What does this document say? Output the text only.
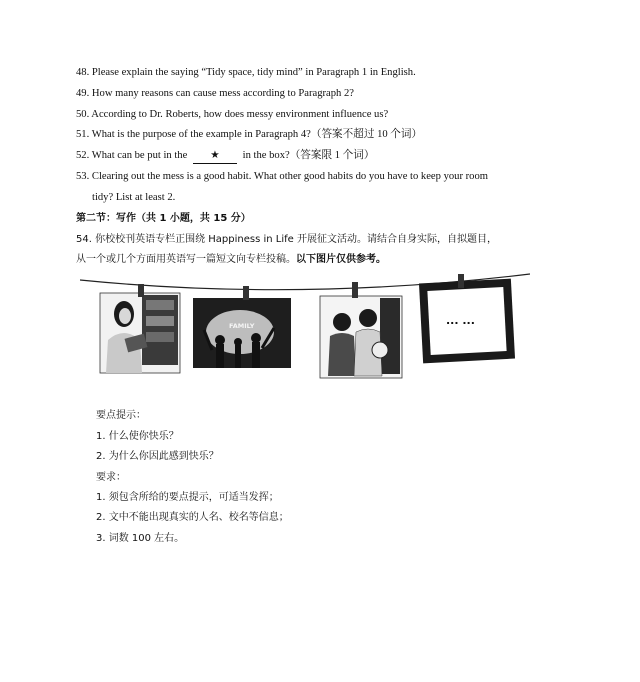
48. Please explain the saying “Tidy space, tidy mind” in Paragraph 1 in English.
49. How many reasons can cause mess according to Paragraph 2?
50. According to Dr. Roberts, how does messy environment influence us?
51. What is the purpose of the example in Paragraph 4?（答案不超过 10 个词）
52. What can be put in the ★ in the box?（答案限 1 个词）
53. Clearing out the mess is a good habit. What other good habits do you have to keep your room
tidy? List at least 2.
第二节：写作（共 1 小题，共 15 分）
54. 你校校刊英语专栏正围绕 Happiness in Life 开展征文活动。请结合自身实际，自拟题目，
从一个或几个方面用英语写一篇短文向专栏投稿。以下图片仅供参考。
FAMILY	... ...
要点提示：
1. 什么使你快乐？
2. 为什么你因此感到快乐？
要求：
1. 须包含所给的要点提示，可适当发挥；
2. 文中不能出现真实的人名、校名等信息；
3. 词数 100 左右。
